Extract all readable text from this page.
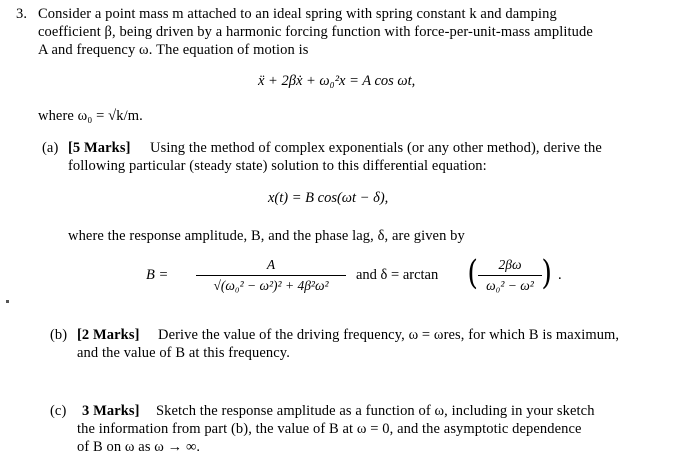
3. Consider a point mass m attached to an ideal spring with spring constant k and damping
coefficient β, being driven by a harmonic forcing function with force-per-unit-mass amplitude
A and frequency ω. The equation of motion is
ẍ + 2βẋ + ω₀²x = A cos ωt,
where ω₀ = √k/m.
(a) [5 Marks] Using the method of complex exponentials (or any other method), derive the
following particular (steady state) solution to this differential equation:
x(t) = B cos(ωt − δ),
where the response amplitude, B, and the phase lag, δ, are given by
B =
A
√(ω₀² − ω²)² + 4β²ω²
and δ = arctan (	2βω
ω₀² − ω² ) .
(b) [2 Marks] Derive the value of the driving frequency, ω = ωres, for which B is maximum,
and the value of B at this frequency.
(c) 3 Marks] Sketch the response amplitude as a function of ω, including in your sketch
the information from part (b), the value of B at ω = 0, and the asymptotic dependence
of B on ω as ω → ∞.
